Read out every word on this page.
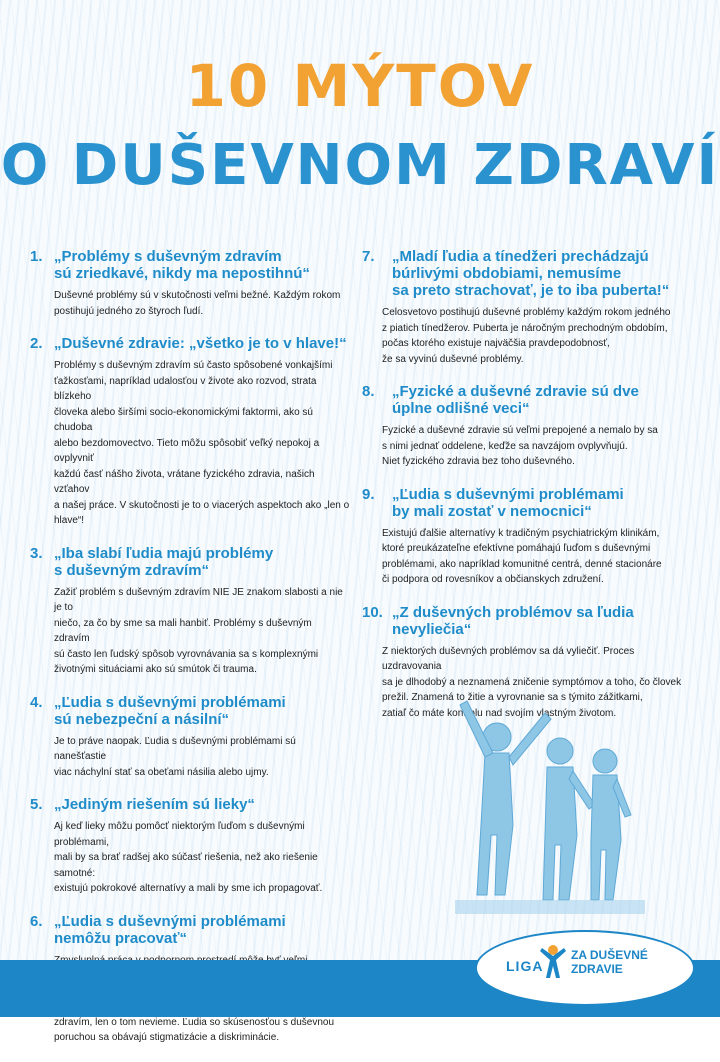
10 MÝTOV
O DUŠEVNOM ZDRAVÍ
1. „Problémy s duševným zdravím
sú zriedkavé, nikdy ma nepostihnú“
Duševné problémy sú v skutočnosti veľmi bežné. Každým rokom
postihujú jedného zo štyroch ľudí.
2. „Duševné zdravie: „všetko je to v hlave!“
Problémy s duševným zdravím sú často spôsobené vonkajšími
ťažkosťami, napríklad udalosťou v živote ako rozvod, strata blízkeho
človeka alebo širšími socio-ekonomickými faktormi, ako sú chudoba
alebo bezdomovectvo. Tieto môžu spôsobiť veľký nepokoj a ovplyvniť
každú časť nášho života, vrátane fyzického zdravia, našich vzťahov
a našej práce. V skutočnosti je to o viacerých aspektoch ako „len o hlave“!
3. „Iba slabí ľudia majú problémy
s duševným zdravím“
Zažiť problém s duševným zdravím NIE JE znakom slabosti a nie je to
niečo, za čo by sme sa mali hanbiť. Problémy s duševným zdravím
sú často len ľudský spôsob vyrovnávania sa s komplexnými
životnými situáciami ako sú smútok či trauma.
4. „Ľudia s duševnými problémami
sú nebezpeční a násilní“
Je to práve naopak. Ľudia s duševnými problémami sú nanešťastie
viac náchylní stať sa obeťami násilia alebo ujmy.
5. „Jediným riešením sú lieky“
Aj keď lieky môžu pomôcť niektorým ľuďom s duševnými problémami,
mali by sa brať radšej ako súčasť riešenia, než ako riešenie samotné:
existujú pokrokové alternatívy a mali by sme ich propagovať.
6. „Ľudia s duševnými problémami
nemôžu pracovať“
zdravím, len o tom nevieme. Ľudia so skúsenosťou s duševnou
poruchou sa obávajú stigmatizácie a diskriminácie.
7.	„Mladí ľudia a tínedžeri prechádzajú
búrlivými obdobiami, nemusíme
sa preto strachovať, je to iba puberta!“
Celosvetovo postihujú duševné problémy každým rokom jedného
z piatich tínedžerov. Puberta je náročným prechodným obdobím,
počas ktorého existuje najväčšia pravdepodobnosť,
že sa vyvinú duševné problémy.
8.	„Fyzické a duševné zdravie sú dve
úplne odlišné veci“
Fyzické a duševné zdravie sú veľmi prepojené a nemalo by sa
s nimi jednať oddelene, keďže sa navzájom ovplyvňujú.
Niet fyzického zdravia bez toho duševného.
9.	„Ľudia s duševnými problémami
by mali zostať v nemocnici“
Existujú ďalšie alternatívy k tradičným psychiatrickým klinikám,
ktoré preukázateľne efektívne pomáhajú ľuďom s duševnými
problémami, ako napríklad komunitné centrá, denné stacionáre
či podpora od rovesníkov a občianskych združení.
10. „Z duševných problémov sa ľudia nevyliečia“
Z niektorých duševných problémov sa dá vyliečiť. Proces uzdravovania
sa je dlhodobý a neznamená zničenie symptómov a toho, čo človek
prežil. Znamená to žitie a vyrovnanie sa s týmito zážitkami,
zatiaľ čo máte kontrolu nad svojím vlastným životom.
LIGA
ZA DUŠEVNÉ
ZDRAVIE
